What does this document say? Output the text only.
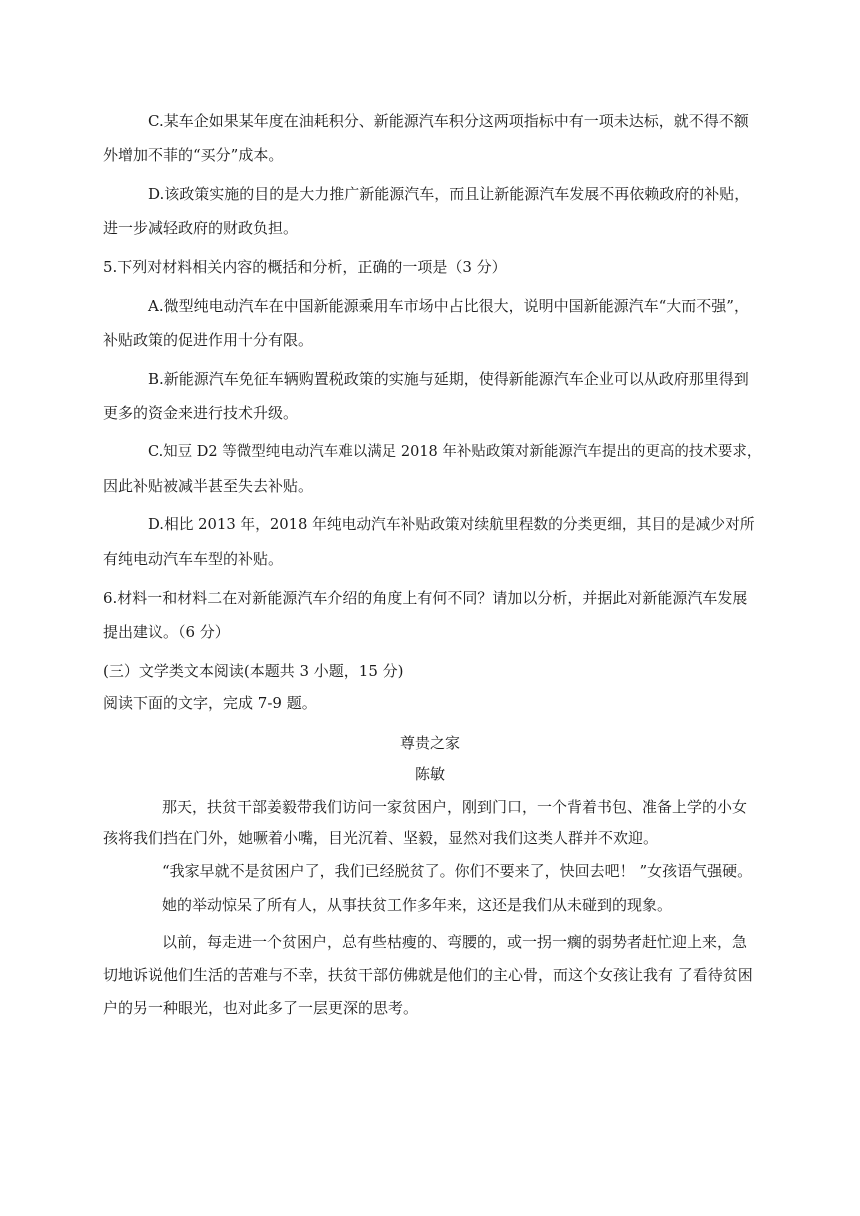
C.某车企如果某年度在油耗积分、新能源汽车积分这两项指标中有一项未达标，就不得不额
外增加不菲的“买分”成本。
D.该政策实施的目的是大力推广新能源汽车，而且让新能源汽车发展不再依赖政府的补贴，
进一步减轻政府的财政负担。
5.下列对材料相关内容的概括和分析，正确的一项是（3 分）
A.微型纯电动汽车在中国新能源乘用车市场中占比很大，说明中国新能源汽车“大而不强”，
补贴政策的促进作用十分有限。
B.新能源汽车免征车辆购置税政策的实施与延期，使得新能源汽车企业可以从政府那里得到
更多的资金来进行技术升级。
C.知豆 D2 等微型纯电动汽车难以满足 2018 年补贴政策对新能源汽车提出的更高的技术要求，
因此补贴被减半甚至失去补贴。
D.相比 2013 年，2018 年纯电动汽车补贴政策对续航里程数的分类更细，其目的是减少对所
有纯电动汽车车型的补贴。
6.材料一和材料二在对新能源汽车介绍的角度上有何不同？请加以分析，并据此对新能源汽车发展
提出建议。（6 分）
(三）文学类文本阅读(本题共 3 小题，15 分)
阅读下面的文字，完成 7-9 题。
尊贵之家
陈敏
那天，扶贫干部姜毅带我们访问一家贫困户，刚到门口，一个背着书包、准备上学的小女
孩将我们挡在门外，她噘着小嘴，目光沉着、坚毅，显然对我们这类人群并不欢迎。
“我家早就不是贫困户了，我们已经脱贫了。你们不要来了，快回去吧！ ”女孩语气强硬。
她的举动惊呆了所有人，从事扶贫工作多年来，这还是我们从未碰到的现象。
以前，每走进一个贫困户，总有些枯瘦的、弯腰的，或一拐一瘸的弱势者赶忙迎上来，急
切地诉说他们生活的苦难与不幸，扶贫干部仿佛就是他们的主心骨，而这个女孩让我有 了看待贫困
户的另一种眼光，也对此多了一层更深的思考。
